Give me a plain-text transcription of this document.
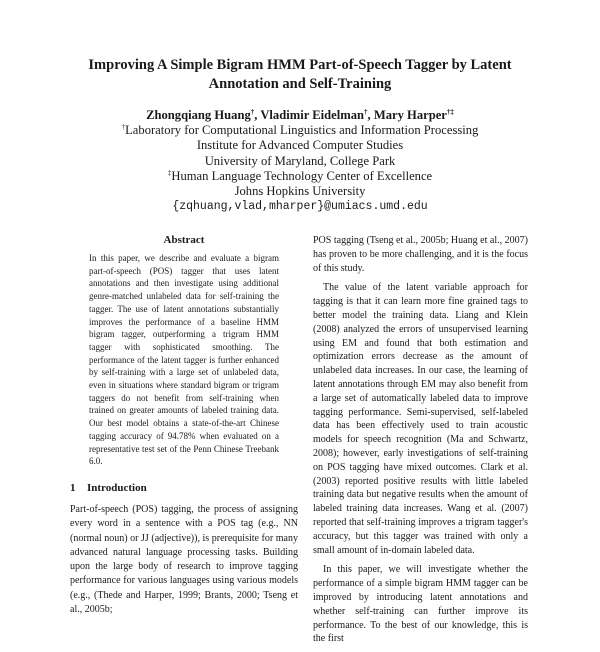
Improving A Simple Bigram HMM Part-of-Speech Tagger by Latent Annotation and Self-Training
Zhongqiang Huang†, Vladimir Eidelman†, Mary Harper†‡
†Laboratory for Computational Linguistics and Information Processing
Institute for Advanced Computer Studies
University of Maryland, College Park
‡Human Language Technology Center of Excellence
Johns Hopkins University
{zqhuang,vlad,mharper}@umiacs.umd.edu
Abstract
In this paper, we describe and evaluate a bigram part-of-speech (POS) tagger that uses latent annotations and then investigate using additional genre-matched unlabeled data for self-training the tagger. The use of latent annotations substantially improves the performance of a baseline HMM bigram tagger, outperforming a trigram HMM tagger with sophisticated smoothing. The performance of the latent tagger is further enhanced by self-training with a large set of unlabeled data, even in situations where standard bigram or trigram taggers do not benefit from self-training when trained on greater amounts of labeled training data. Our best model obtains a state-of-the-art Chinese tagging accuracy of 94.78% when evaluated on a representative test set of the Penn Chinese Treebank 6.0.
1 Introduction
Part-of-speech (POS) tagging, the process of assigning every word in a sentence with a POS tag (e.g., NN (normal noun) or JJ (adjective)), is prerequisite for many advanced natural language processing tasks. Building upon the large body of research to improve tagging performance for various languages using various models (e.g., (Thede and Harper, 1999; Brants, 2000; Tseng et al., 2005b;

POS tagging (Tseng et al., 2005b; Huang et al., 2007) has proven to be more challenging, and it is the focus of this study.

The value of the latent variable approach for tagging is that it can learn more fine grained tags to better model the training data. Liang and Klein (2008) analyzed the errors of unsupervised learning using EM and found that both estimation and optimization errors decrease as the amount of unlabeled data increases. In our case, the learning of latent annotations through EM may also benefit from a large set of automatically labeled data to improve tagging performance. Semi-supervised, self-labeled data has been effectively used to train acoustic models for speech recognition (Ma and Schwartz, 2008); however, early investigations of self-training on POS tagging have mixed outcomes. Clark et al. (2003) reported positive results with little labeled training data but negative results when the amount of labeled training data increases. Wang et al. (2007) reported that self-training improves a trigram tagger's accuracy, but this tagger was trained with only a small amount of in-domain labeled data.

In this paper, we will investigate whether the performance of a simple bigram HMM tagger can be improved by introducing latent annotations and whether self-training can further improve its performance. To the best of our knowledge, this is the first
